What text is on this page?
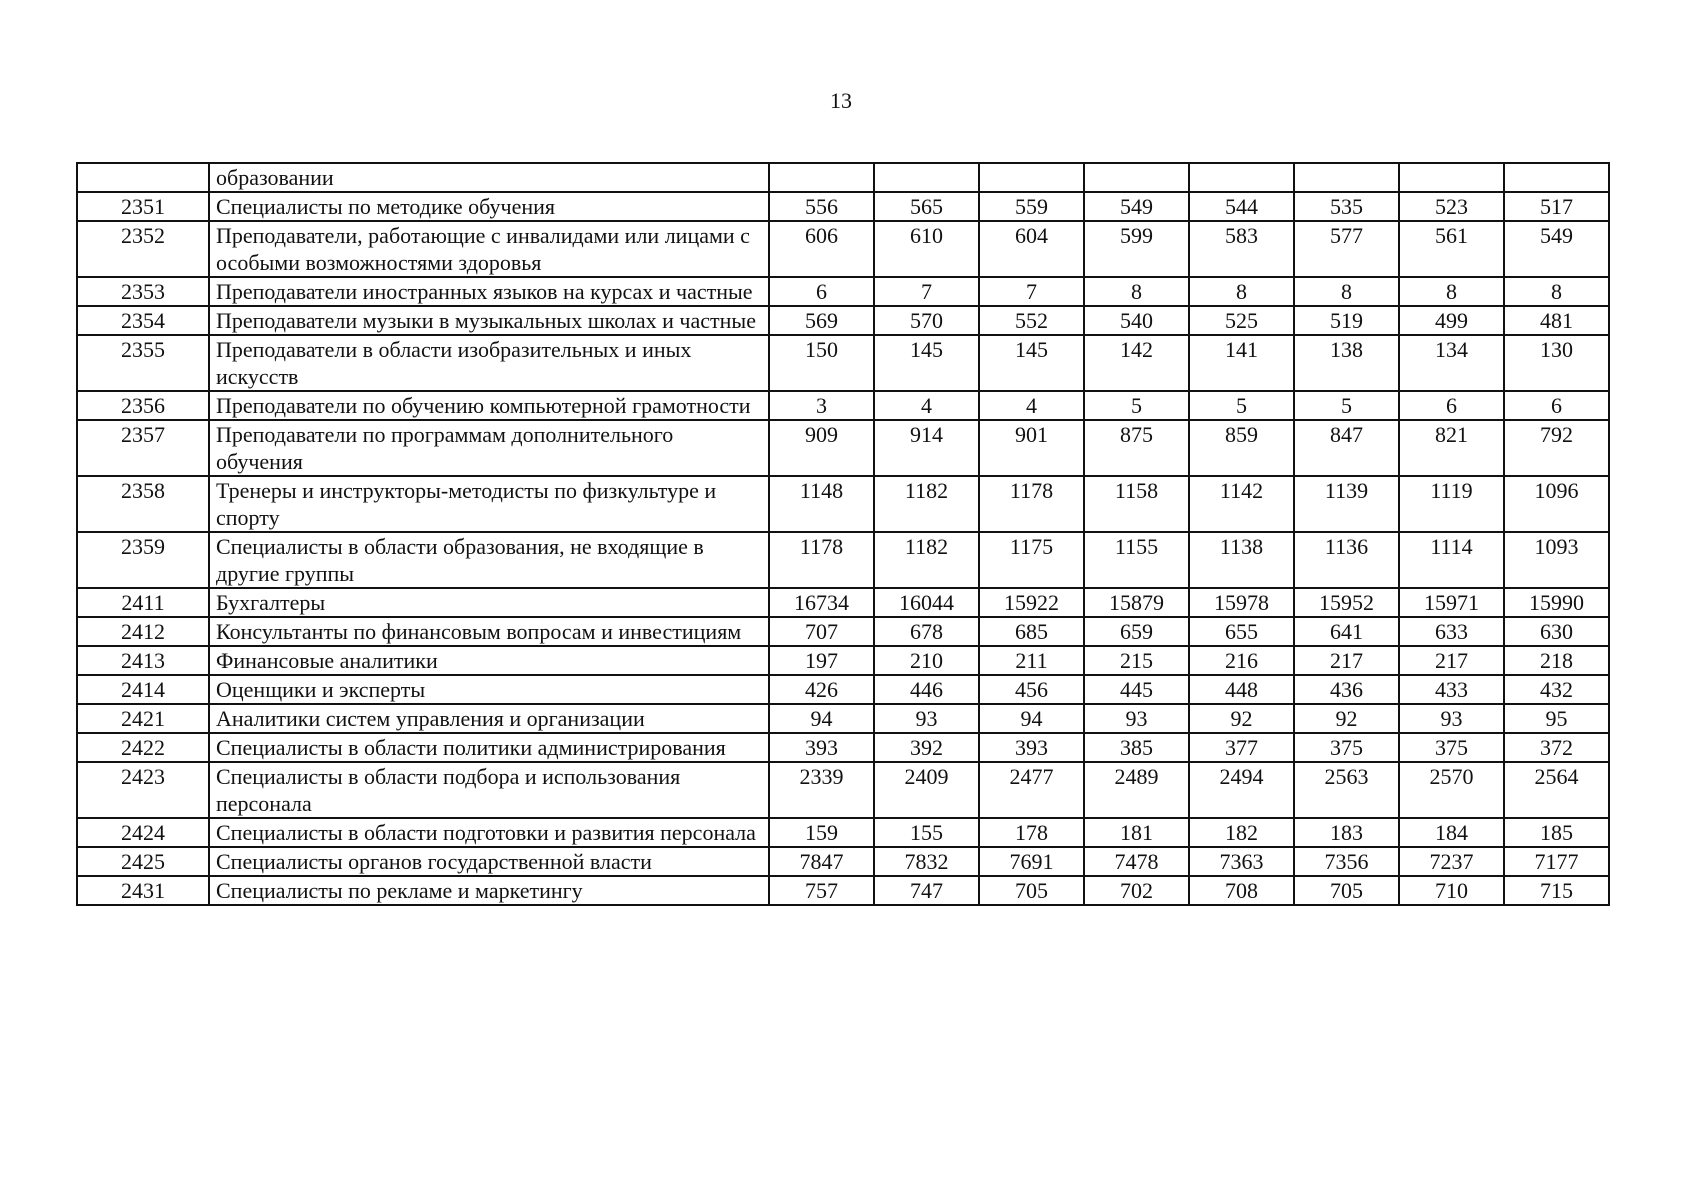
13
	образовании								
2351	Специалисты по методике обучения	556	565	559	549	544	535	523	517
2352	Преподаватели, работающие с инвалидами или лицами с особыми возможностями здоровья	606	610	604	599	583	577	561	549
2353	Преподаватели иностранных языков на курсах и частные	6	7	7	8	8	8	8	8
2354	Преподаватели музыки в музыкальных школах и частные	569	570	552	540	525	519	499	481
2355	Преподаватели в области изобразительных и иных искусств	150	145	145	142	141	138	134	130
2356	Преподаватели по обучению компьютерной грамотности	3	4	4	5	5	5	6	6
2357	Преподаватели по программам дополнительного обучения	909	914	901	875	859	847	821	792
2358	Тренеры и инструкторы-методисты по физкультуре и спорту	1148	1182	1178	1158	1142	1139	1119	1096
2359	Специалисты в области образования, не входящие в другие группы	1178	1182	1175	1155	1138	1136	1114	1093
2411	Бухгалтеры	16734	16044	15922	15879	15978	15952	15971	15990
2412	Консультанты по финансовым вопросам и инвестициям	707	678	685	659	655	641	633	630
2413	Финансовые аналитики	197	210	211	215	216	217	217	218
2414	Оценщики и эксперты	426	446	456	445	448	436	433	432
2421	Аналитики систем управления и организации	94	93	94	93	92	92	93	95
2422	Специалисты в области политики администрирования	393	392	393	385	377	375	375	372
2423	Специалисты в области подбора и использования персонала	2339	2409	2477	2489	2494	2563	2570	2564
2424	Специалисты в области подготовки и развития персонала	159	155	178	181	182	183	184	185
2425	Специалисты органов государственной власти	7847	7832	7691	7478	7363	7356	7237	7177
2431	Специалисты по рекламе и маркетингу	757	747	705	702	708	705	710	715
